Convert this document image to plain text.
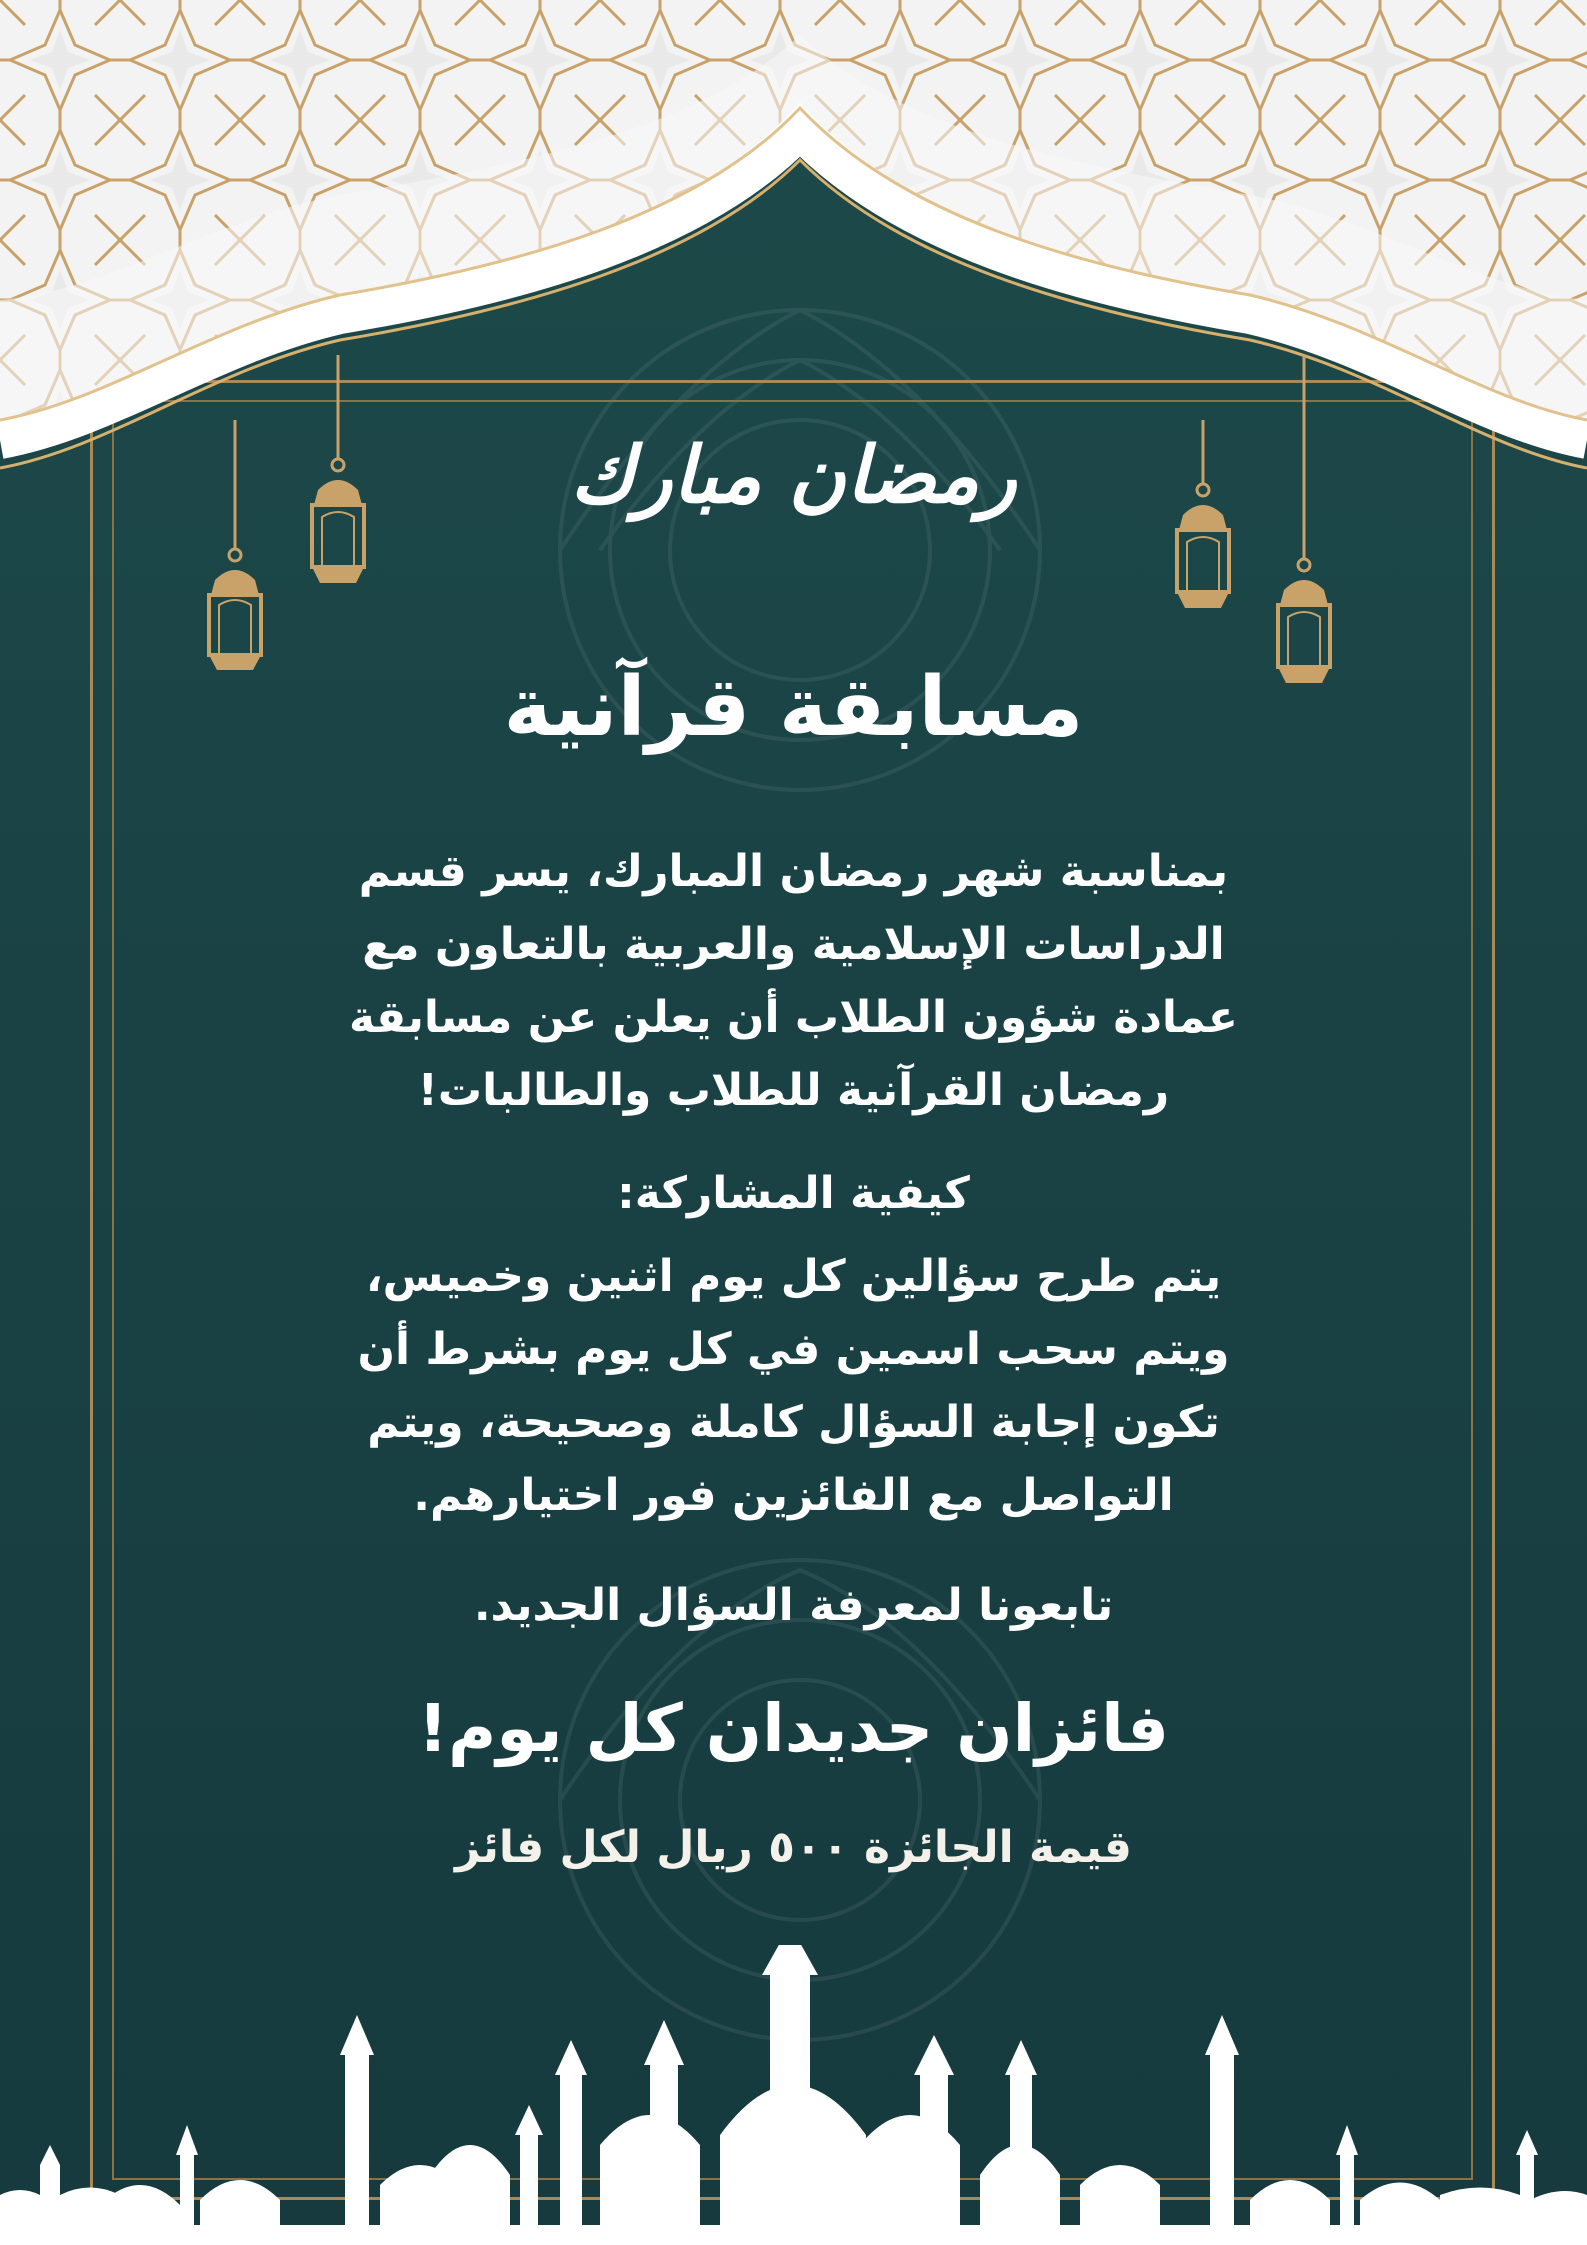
رمضان مبارك
مسابقة قرآنية
بمناسبة شهر رمضان المبارك، يسر قسم
الدراسات الإسلامية والعربية بالتعاون مع
عمادة شؤون الطلاب أن يعلن عن مسابقة
رمضان القرآنية للطلاب والطالبات!
كيفية المشاركة:
يتم طرح سؤالين كل يوم اثنين وخميس،
ويتم سحب اسمين في كل يوم بشرط أن
تكون إجابة السؤال كاملة وصحيحة، ويتم
التواصل مع الفائزين فور اختيارهم.
تابعونا لمعرفة السؤال الجديد.
فائزان جديدان كل يوم!
قيمة الجائزة ٥٠٠ ريال لكل فائز
